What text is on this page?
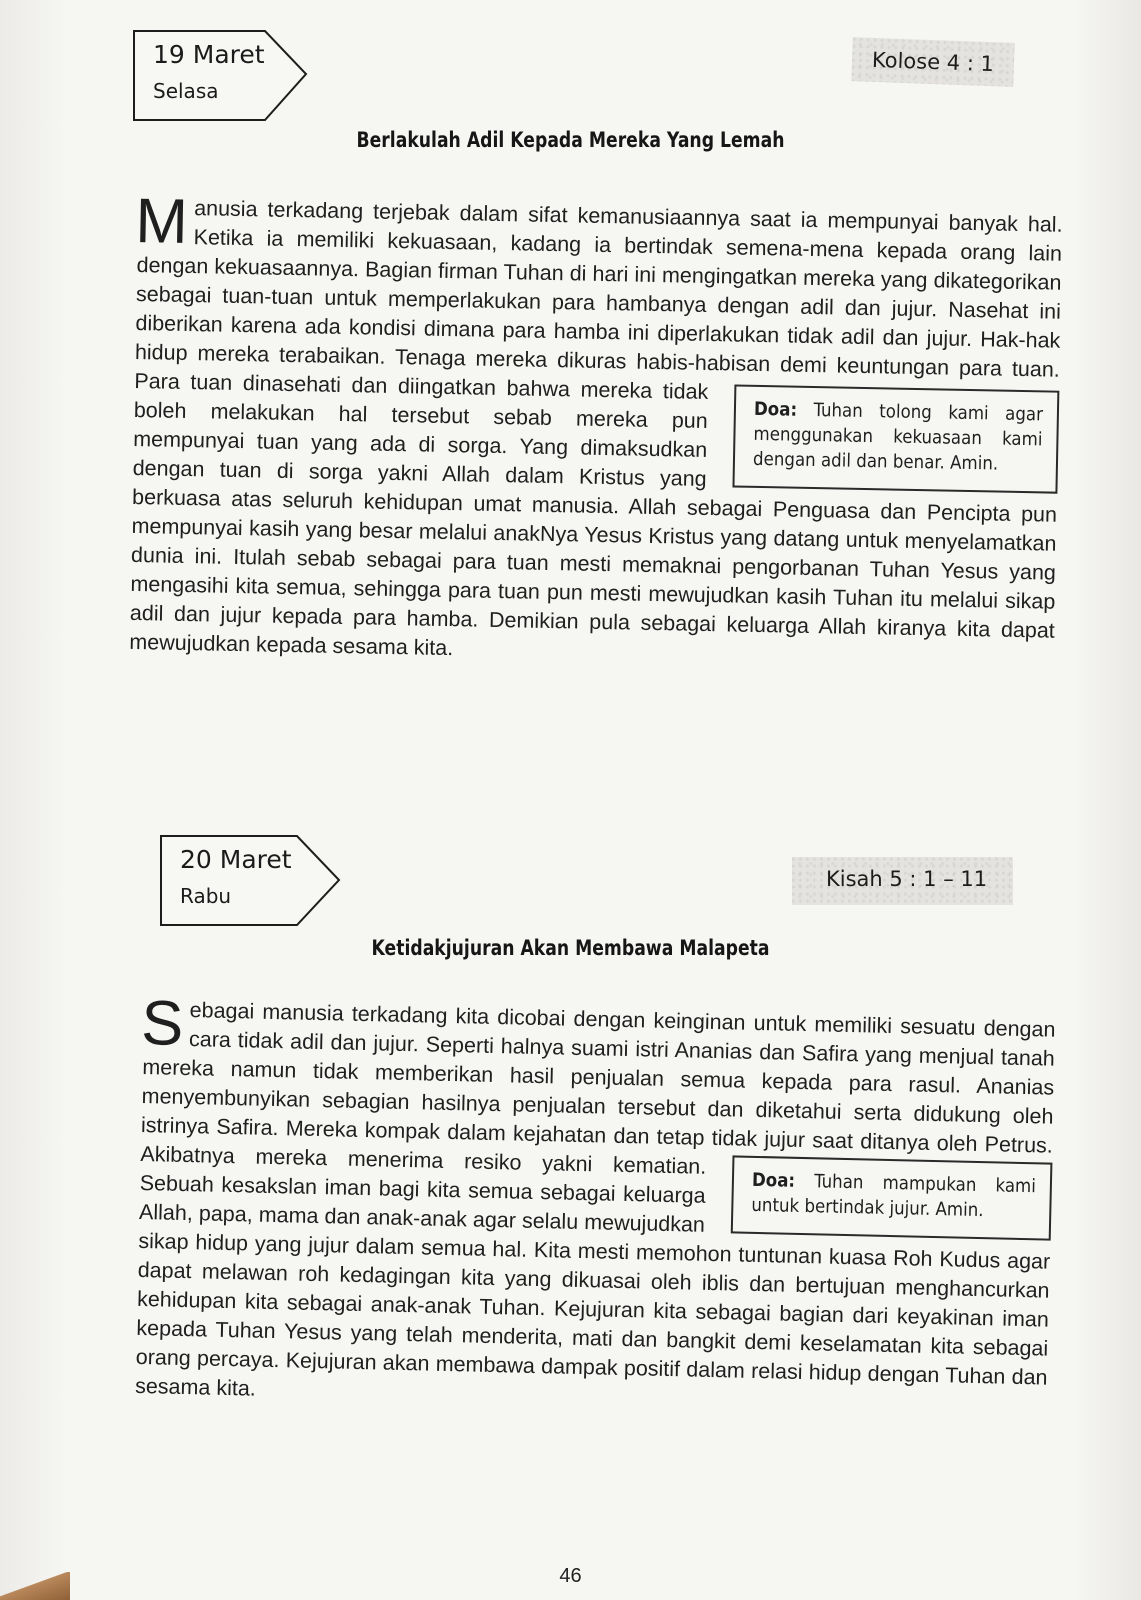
19 Maret
Selasa
Kolose 4 : 1
Berlakulah Adil Kepada Mereka Yang Lemah
M anusia terkadang terjebak dalam sifat kemanusiaannya saat ia mempunyai banyak hal. Ketika ia memiliki kekuasaan, kadang ia bertindak semena-mena kepada orang lain dengan kekuasaannya. Bagian firman Tuhan di hari ini mengingatkan mereka yang dikategorikan sebagai tuan-tuan untuk memperlakukan para hambanya dengan adil dan jujur. Nasehat ini diberikan karena ada kondisi dimana para hamba ini diperlakukan tidak adil dan jujur. Hak-hak hidup mereka terabaikan. Tenaga mereka dikuras habis-habisan demi keuntungan para tuan. Para tuan dinasehati dan diingatkan bahwa mereka tidak
Doa: Tuhan tolong kami agar menggunakan kekuasaan kami dengan adil dan benar. Amin.
boleh melakukan hal tersebut sebab mereka pun mempunyai tuan yang ada di sorga. Yang dimaksudkan dengan tuan di sorga yakni Allah dalam Kristus yang berkuasa atas seluruh kehidupan umat manusia. Allah sebagai Penguasa dan Pencipta pun mempunyai kasih yang besar melalui anakNya Yesus Kristus yang datang untuk menyelamatkan dunia ini. Itulah sebab sebagai para tuan mesti memaknai pengorbanan Tuhan Yesus yang mengasihi kita semua, sehingga para tuan pun mesti mewujudkan kasih Tuhan itu melalui sikap adil dan jujur kepada para hamba. Demikian pula sebagai keluarga Allah kiranya kita dapat mewujudkan kepada sesama kita.
20 Maret
Rabu
Kisah 5 : 1 – 11
Ketidakjujuran Akan Membawa Malapeta
S ebagai manusia terkadang kita dicobai dengan keinginan untuk memiliki sesuatu dengan cara tidak adil dan jujur. Seperti halnya suami istri Ananias dan Safira yang menjual tanah mereka namun tidak memberikan hasil penjualan semua kepada para rasul. Ananias menyembunyikan sebagian hasilnya penjualan tersebut dan diketahui serta didukung oleh istrinya Safira. Mereka kompak dalam kejahatan dan tetap tidak jujur saat ditanya oleh Petrus. Akibatnya mereka menerima
Doa: Tuhan mampukan kami untuk bertindak jujur. Amin.
resiko yakni kematian. Sebuah kesakslan iman bagi kita semua sebagai keluarga Allah, papa, mama dan anak-anak agar selalu mewujudkan sikap hidup yang jujur dalam semua hal. Kita mesti memohon tuntunan kuasa Roh Kudus agar dapat melawan roh kedagingan kita yang dikuasai oleh iblis dan bertujuan menghancurkan kehidupan kita sebagai anak-anak Tuhan. Kejujuran kita sebagai bagian dari keyakinan iman kepada Tuhan Yesus yang telah menderita, mati dan bangkit demi keselamatan kita sebagai orang percaya. Kejujuran akan membawa dampak positif dalam relasi hidup dengan Tuhan dan sesama kita.
46
